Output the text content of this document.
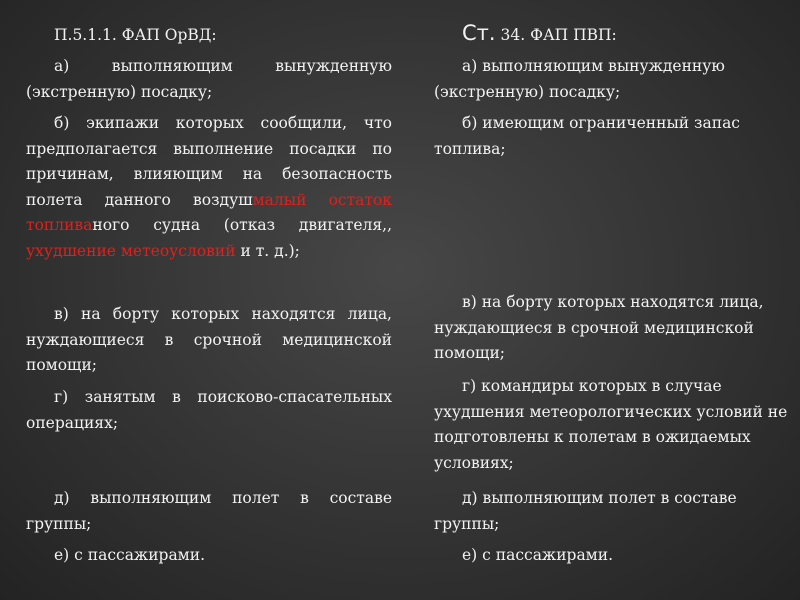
П.5.1.1. ФАП ОрВД:

а) выполняющим вынужденную (экстренную) посадку;

б) экипажи которых сообщили, что предполагается выполнение посадки по причинам, влияющим на безопасность полета данного воздушмалый остаток топливаного судна (отказ двигателя,, ухудшение метеоусловий и т. д.);

в) на борту которых находятся лица, нуждающиеся в срочной медицинской помощи;

г) занятым в поисково-спасательных операциях;

д) выполняющим полет в составе группы;

е) с пассажирами.

Ст. 34. ФАП ПВП:

а) выполняющим вынужденную (экстренную) посадку;

б) имеющим ограниченный запас топлива;

в) на борту которых находятся лица, нуждающиеся в срочной медицинской помощи;

г) командиры которых в случае ухудшения метеорологических условий не подготовлены к полетам в ожидаемых условиях;

д) выполняющим полет в составе группы;

е) с пассажирами.
